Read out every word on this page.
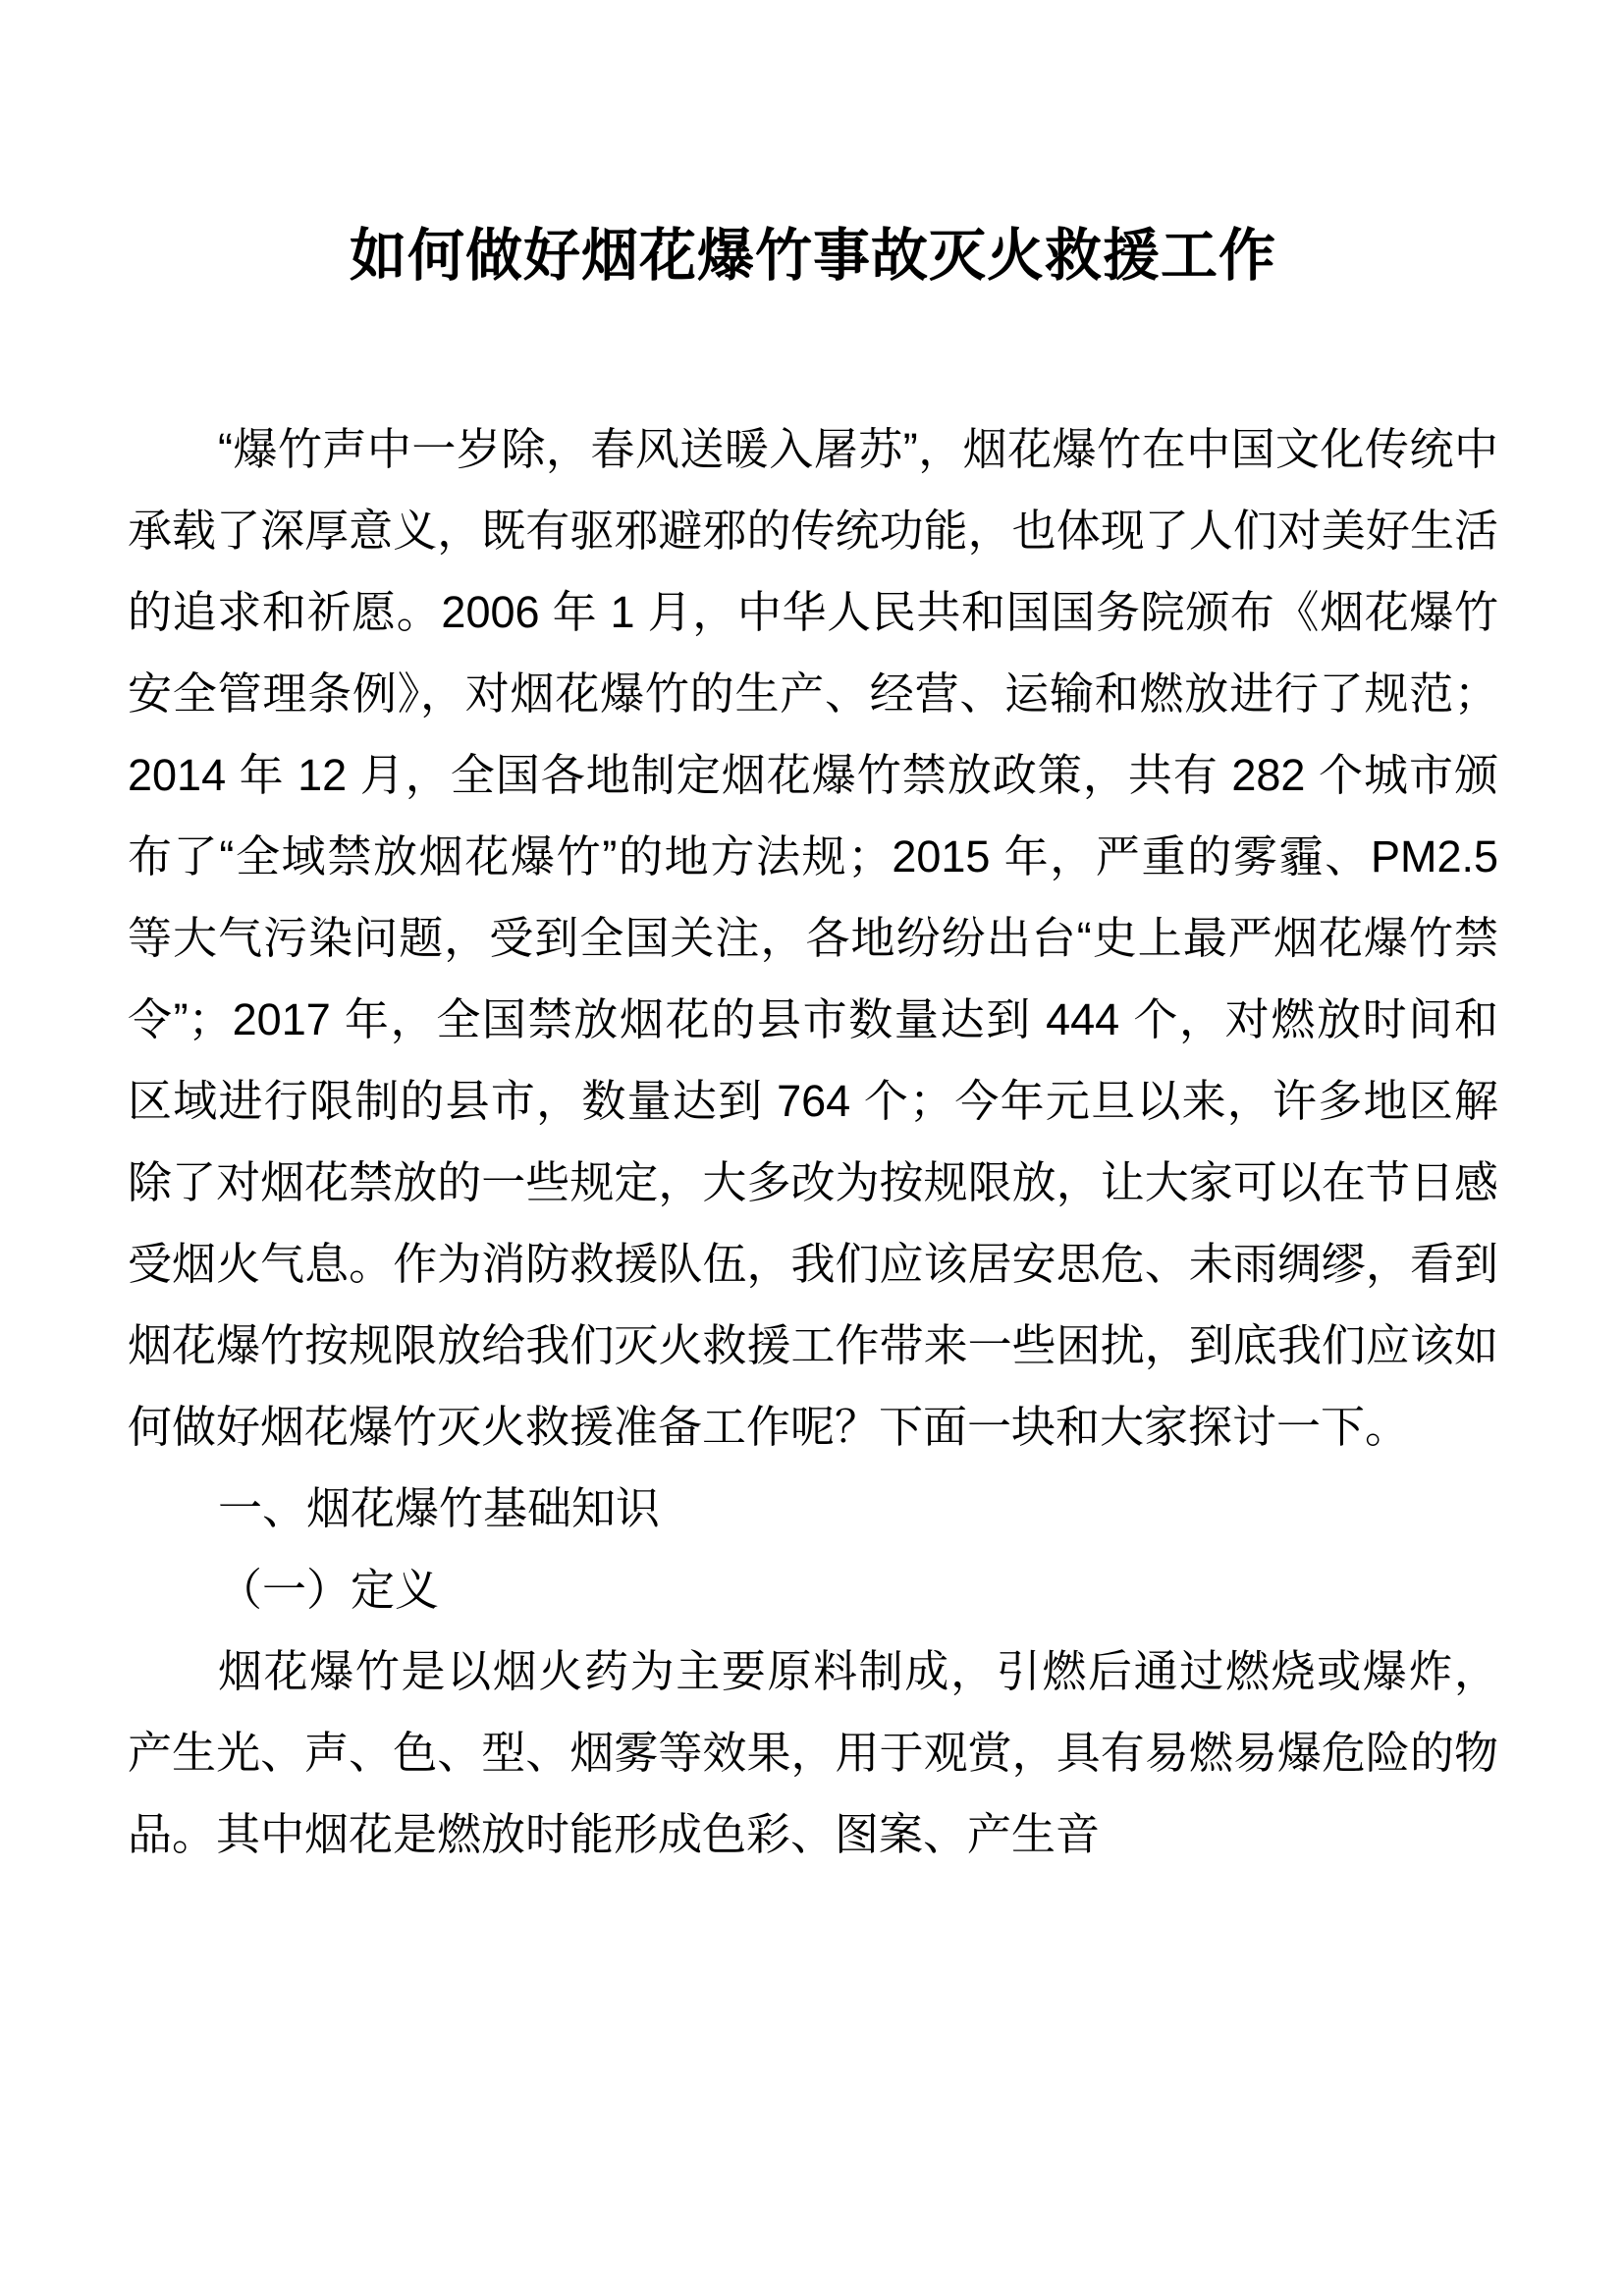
如何做好烟花爆竹事故灭火救援工作

“爆竹声中一岁除，春风送暖入屠苏”，烟花爆竹在中国文化传统中承载了深厚意义，既有驱邪避邪的传统功能，也体现了人们对美好生活的追求和祈愿。2006 年 1 月，中华人民共和国国务院颁布《烟花爆竹安全管理条例》，对烟花爆竹的生产、经营、运输和燃放进行了规范；2014 年 12 月，全国各地制定烟花爆竹禁放政策，共有 282 个城市颁布了“全域禁放烟花爆竹”的地方法规；2015 年，严重的雾霾、PM2.5 等大气污染问题，受到全国关注，各地纷纷出台“史上最严烟花爆竹禁令”；2017 年，全国禁放烟花的县市数量达到 444 个，对燃放时间和区域进行限制的县市，数量达到 764 个；今年元旦以来，许多地区解除了对烟花禁放的一些规定，大多改为按规限放，让大家可以在节日感受烟火气息。作为消防救援队伍，我们应该居安思危、未雨绸缪，看到烟花爆竹按规限放给我们灭火救援工作带来一些困扰，到底我们应该如何做好烟花爆竹灭火救援准备工作呢？下面一块和大家探讨一下。

一、烟花爆竹基础知识

（一）定义

烟花爆竹是以烟火药为主要原料制成，引燃后通过燃烧或爆炸，产生光、声、色、型、烟雾等效果，用于观赏，具有易燃易爆危险的物品。其中烟花是燃放时能形成色彩、图案、产生音
